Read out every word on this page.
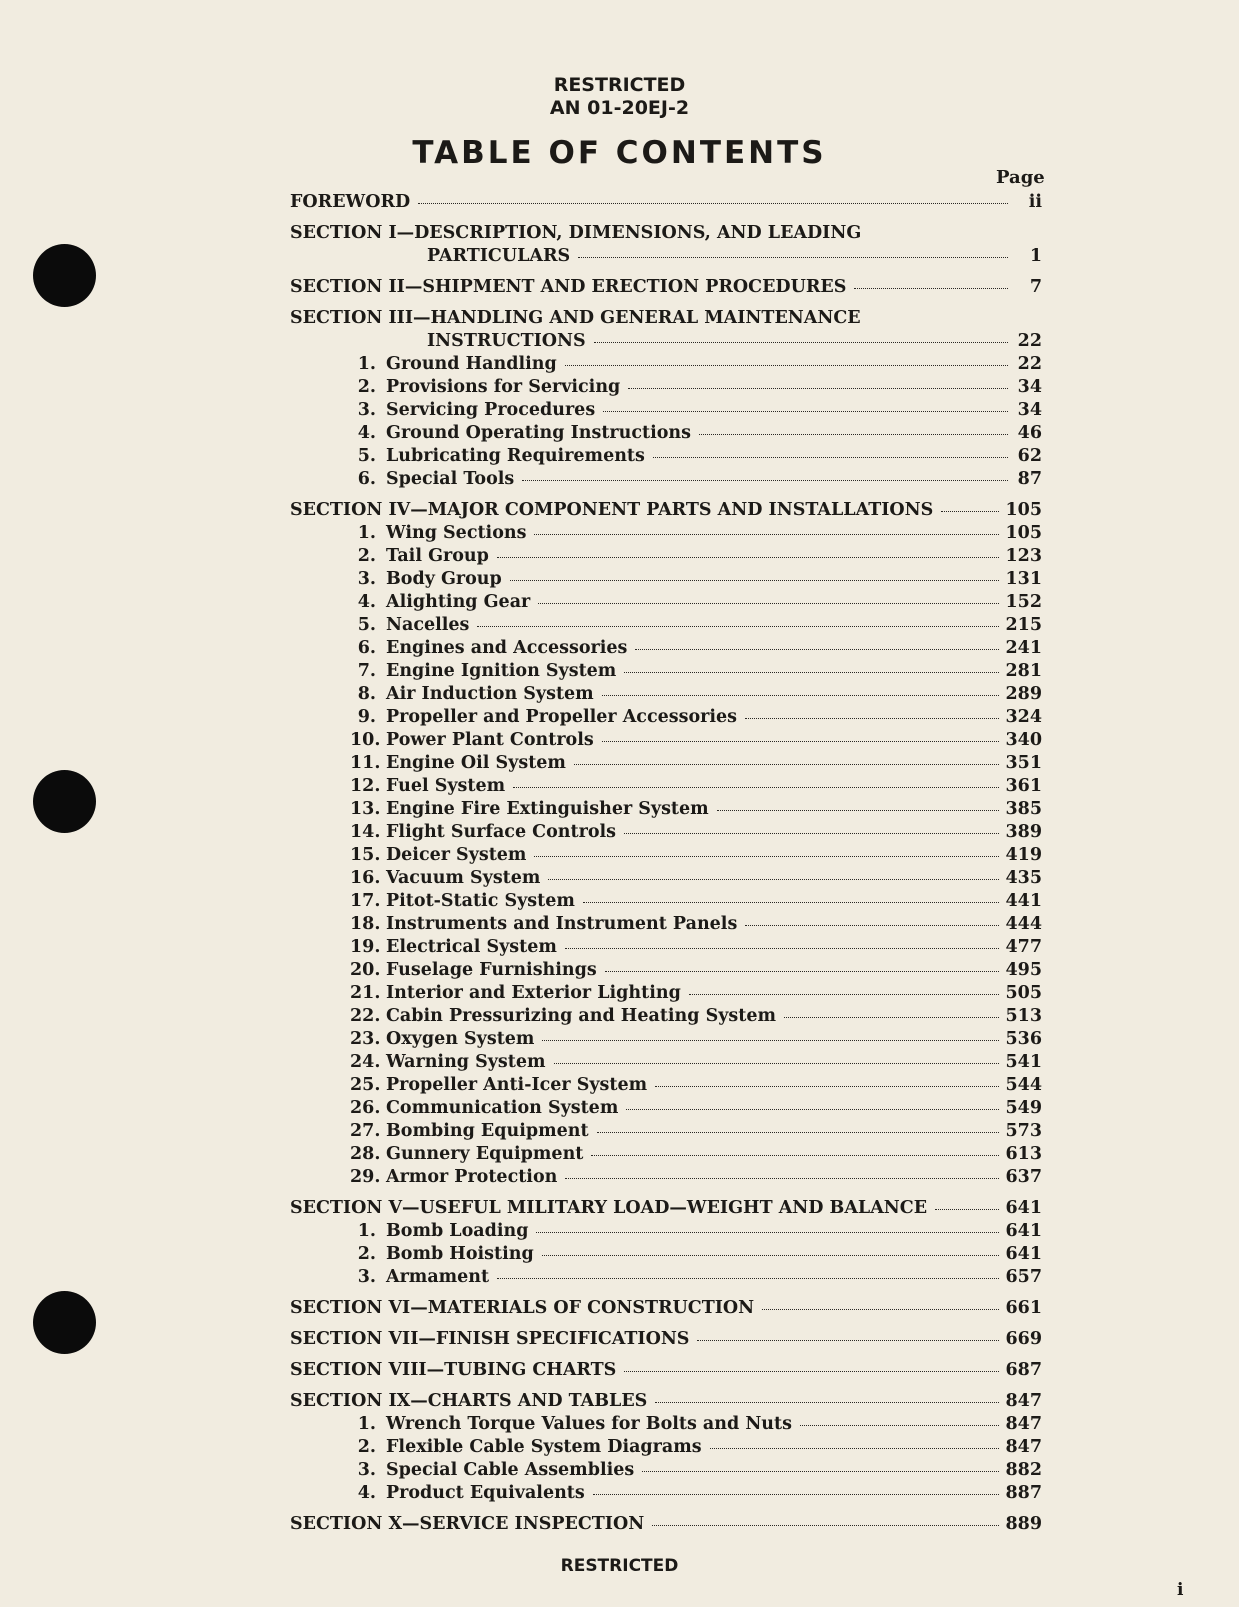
RESTRICTED
AN 01-20EJ-2
TABLE OF CONTENTS
Page
FOREWORD	ii
SECTION I—DESCRIPTION, DIMENSIONS, AND LEADING
PARTICULARS	1
SECTION II—SHIPMENT AND ERECTION PROCEDURES	7
SECTION III—HANDLING AND GENERAL MAINTENANCE
INSTRUCTIONS	22
1. Ground Handling	22
2. Provisions for Servicing	34
3. Servicing Procedures	34
4. Ground Operating Instructions	46
5. Lubricating Requirements	62
6. Special Tools	87
SECTION IV—MAJOR COMPONENT PARTS AND INSTALLATIONS	105
1. Wing Sections	105
2. Tail Group	123
3. Body Group	131
4. Alighting Gear	152
5. Nacelles	215
6. Engines and Accessories	241
7. Engine Ignition System	281
8. Air Induction System	289
9. Propeller and Propeller Accessories	324
10. Power Plant Controls	340
11. Engine Oil System	351
12. Fuel System	361
13. Engine Fire Extinguisher System	385
14. Flight Surface Controls	389
15. Deicer System	419
16. Vacuum System	435
17. Pitot-Static System	441
18. Instruments and Instrument Panels	444
19. Electrical System	477
20. Fuselage Furnishings	495
21. Interior and Exterior Lighting	505
22. Cabin Pressurizing and Heating System	513
23. Oxygen System	536
24. Warning System	541
25. Propeller Anti-Icer System	544
26. Communication System	549
27. Bombing Equipment	573
28. Gunnery Equipment	613
29. Armor Protection	637
SECTION V—USEFUL MILITARY LOAD—WEIGHT AND BALANCE	641
1. Bomb Loading	641
2. Bomb Hoisting	641
3. Armament	657
SECTION VI—MATERIALS OF CONSTRUCTION	661
SECTION VII—FINISH SPECIFICATIONS	669
SECTION VIII—TUBING CHARTS	687
SECTION IX—CHARTS AND TABLES	847
1. Wrench Torque Values for Bolts and Nuts	847
2. Flexible Cable System Diagrams	847
3. Special Cable Assemblies	882
4. Product Equivalents	887
SECTION X—SERVICE INSPECTION	889
RESTRICTED
i
